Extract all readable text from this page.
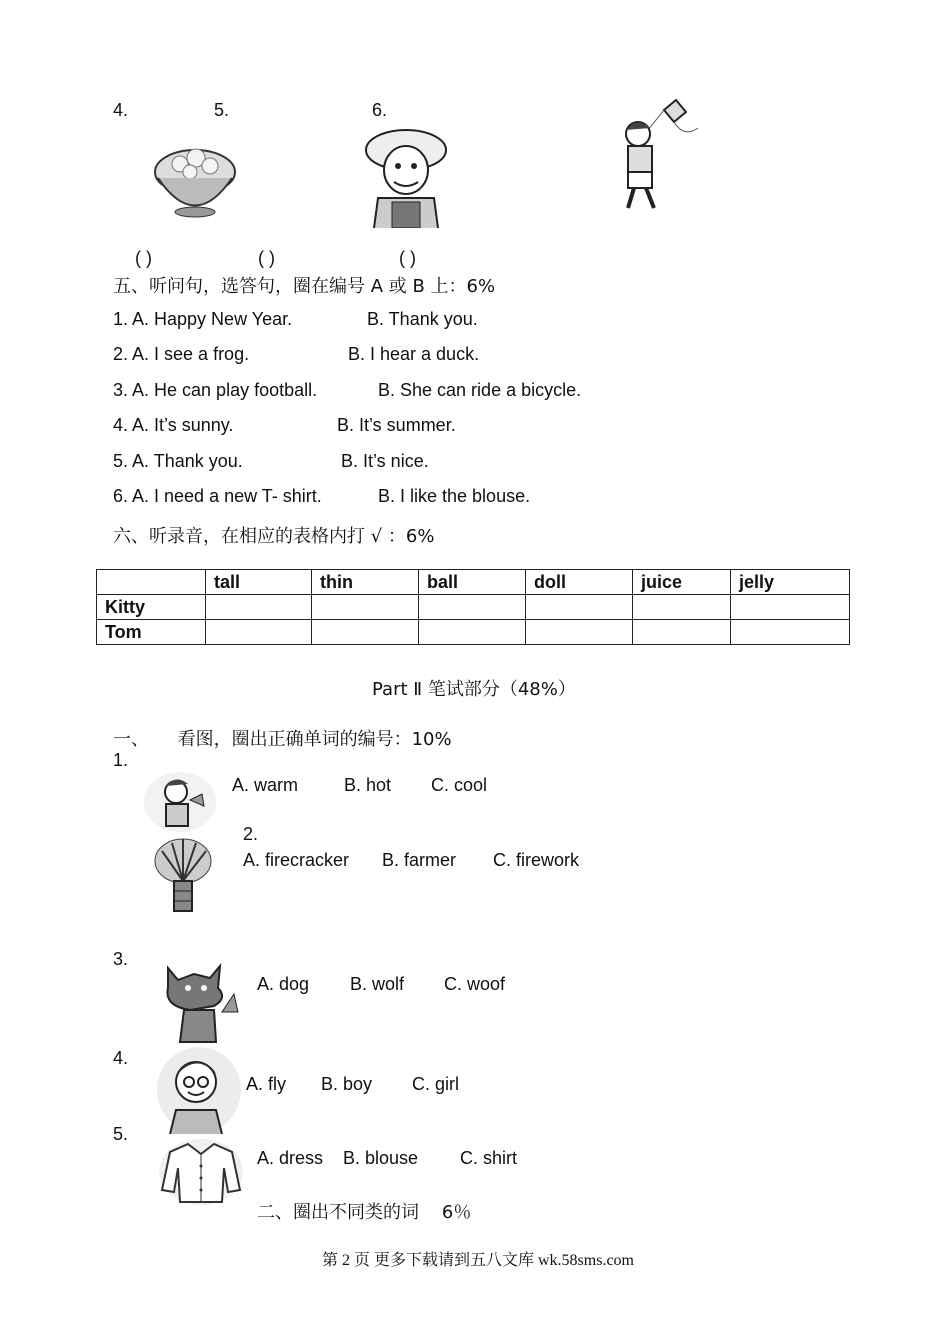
4.	5.	6.
( )	( )	( )
五、听问句，选答句，圈在编号 A 或 B 上：6%
1. A. Happy New Year.	B. Thank you.
2. A. I see a frog.	B. I hear a duck.
3. A. He can play football.	B. She can ride a bicycle.
4. A. It’s sunny.	B. It’s summer.
5. A. Thank you.	B. It’s nice.
6. A. I need a new T- shirt.	B. I like the blouse.
六、听录音，在相应的表格内打 √ ：6%
	tall	thin	ball	doll	juice	jelly
Kitty						
Tom						
Part Ⅱ 笔试部分（48%）
一、     看图，圈出正确单词的编号：10%
1.
A. warm	B. hot C. cool
2.
A. firecracker B. farmer C. firework
3.
A. dog B. wolf C. woof
4.
A. fly B. boy C. girl
5.
A. dress B. blouse C. shirt
二、圈出不同类的词    6％
第 2 页 更多下载请到五八文库 wk.58sms.com
